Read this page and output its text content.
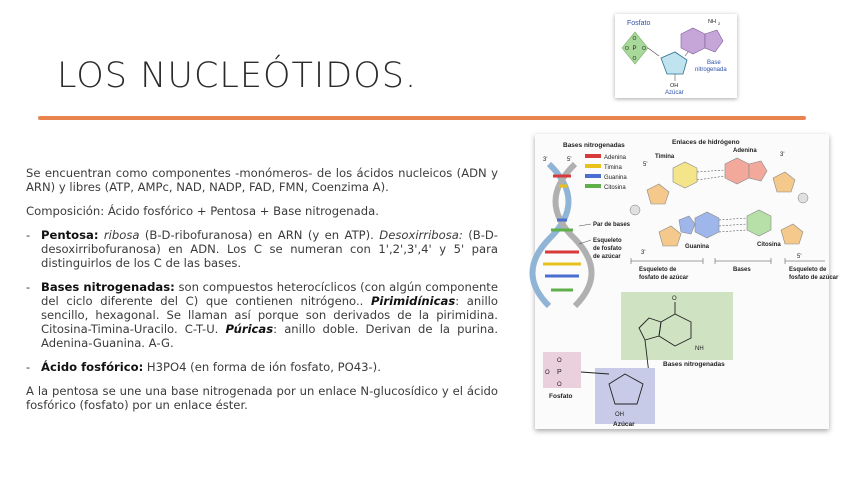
LOS NUCLEÓTIDOS.

Se encuentran como componentes -monómeros- de los ácidos nucleicos (ADN y ARN) y libres (ATP, AMPc, NAD, NADP, FAD, FMN, Coenzima A).

Composición: Ácido fosfórico + Pentosa + Base nitrogenada.

- Pentosa: ribosa (B-D-ribofuranosa) en ARN (y en ATP). Desoxirribosa: (B-D-desoxirribofuranosa) en ADN. Los C se numeran con 1',2',3',4' y 5' para distinguirlos de los C de las bases.
- Bases nitrogenadas: son compuestos heterocíclicos (con algún componente del ciclo diferente del C) que contienen nitrógeno.. Pirimidínicas: anillo sencillo, hexagonal. Se llaman así porque son derivados de la pirimidina. Citosina-Timina-Uracilo. C-T-U. Púricas: anillo doble. Derivan de la purina. Adenina-Guanina. A-G.
- Ácido fosfórico: H3PO4 (en forma de ión fosfato, PO43-).

A la pentosa se une una base nitrogenada por un enlace N-glucosídico y el ácido fosfórico (fosfato) por un enlace éster.

Fosfato
P
O
O
O	O
OH
Azúcar
NH 2
Base
nitrogenada
3'	5'
Bases nitrogenadas
Adenina
Timina
Guanina
Citosina
Par de bases
Esqueleto
de fosfato
de azúcar
Enlaces de hidrógeno
Timina
Adenina
5'
3'
Guanina	Citosina
3'
5'
Esqueleto de
fosfato de azúcar
Bases	Esqueleto de
fosfato de azúcar
O
NH
Bases nitrogenadas
OH
Azúcar
P
O
O
O
Fosfato
